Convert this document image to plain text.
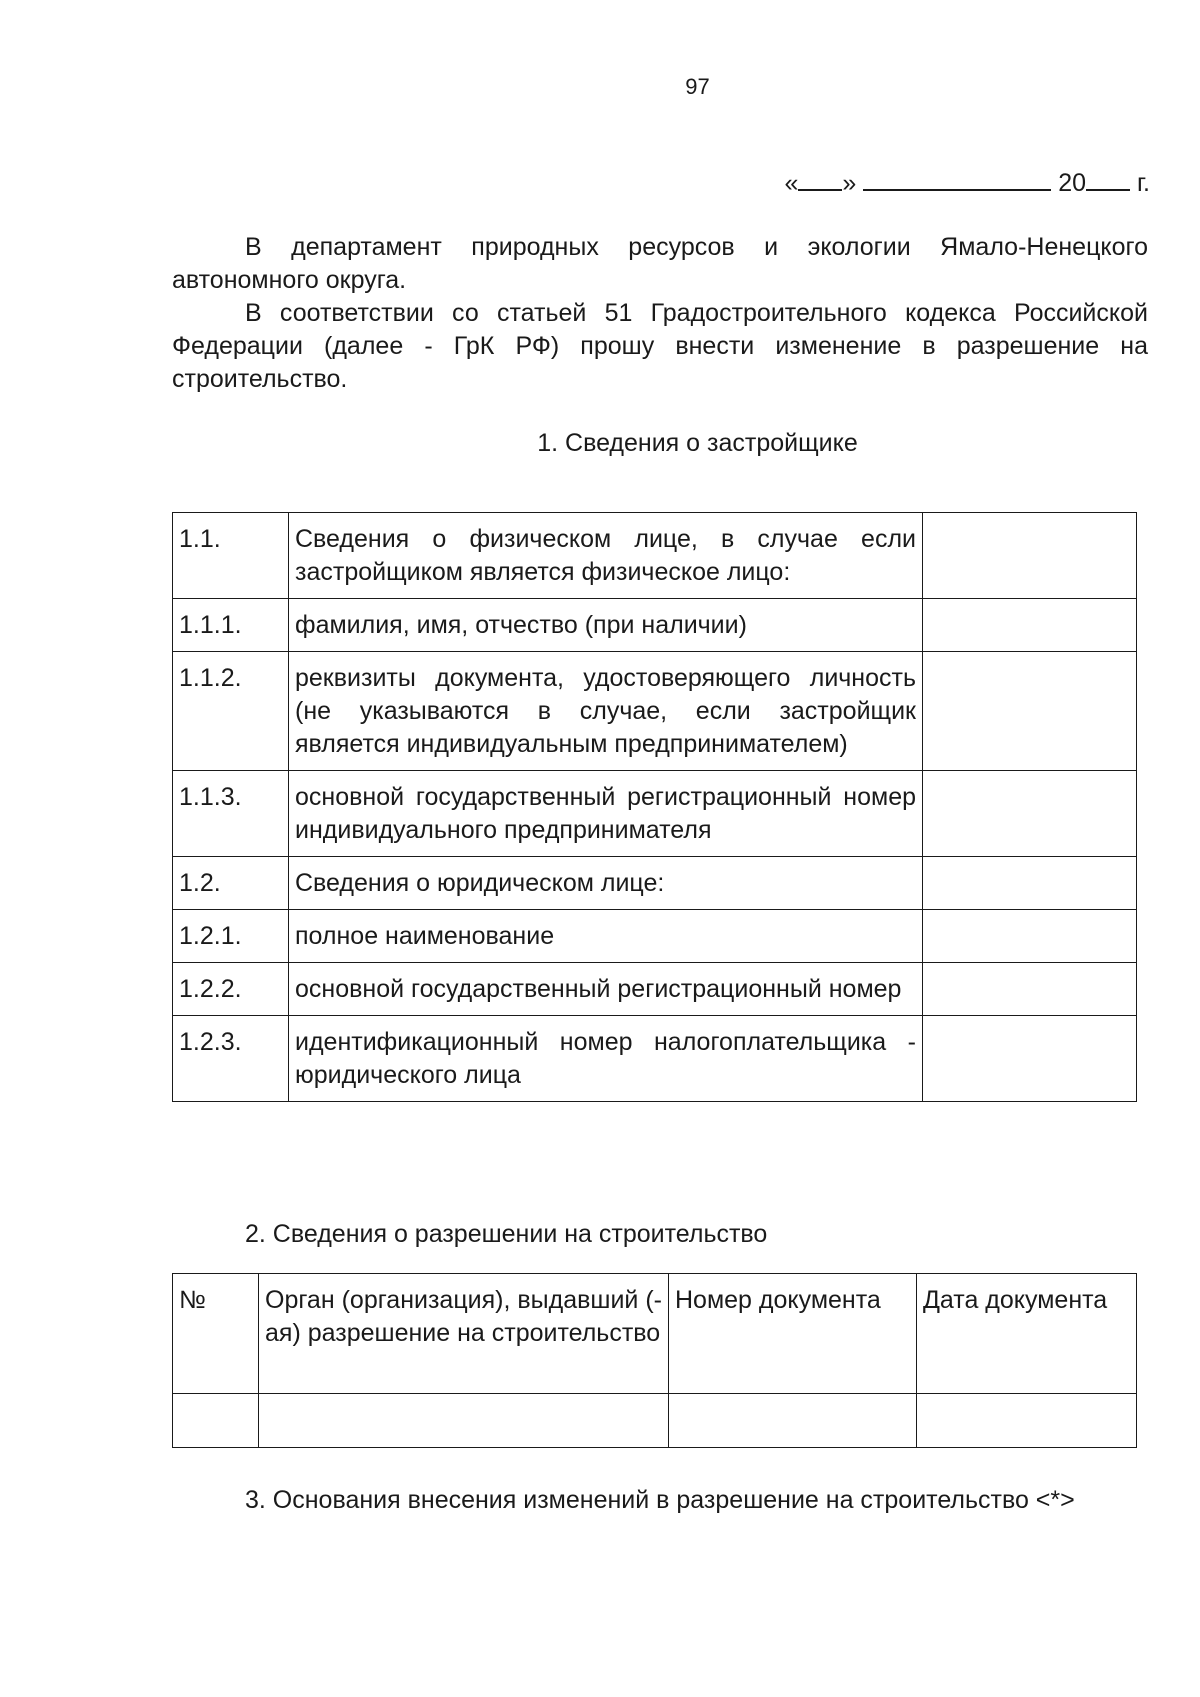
97
« »	20 г.
В департамент природных ресурсов и экологии Ямало-Ненецкого автономного округа.
В соответствии со статьей 51 Градостроительного кодекса Российской Федерации (далее - ГрК РФ) прошу внести изменение в разрешение на строительство.
1. Сведения о застройщике
1.1.	Сведения о физическом лице, в случае если застройщиком является физическое лицо:	
1.1.1.	фамилия, имя, отчество (при наличии)	
1.1.2.	реквизиты документа, удостоверяющего личность (не указываются в случае, если застройщик является индивидуальным предпринимателем)	
1.1.3.	основной государственный регистрационный номер индивидуального предпринимателя	
1.2.	Сведения о юридическом лице:	
1.2.1.	полное наименование	
1.2.2.	основной государственный регистрационный номер	
1.2.3.	идентификационный номер налогоплательщика - юридического лица	
2. Сведения о разрешении на строительство
№	Орган (организация), выдавший (-ая) разрешение на строительство	Номер документа	Дата документа

3. Основания внесения изменений в разрешение на строительство <*>
